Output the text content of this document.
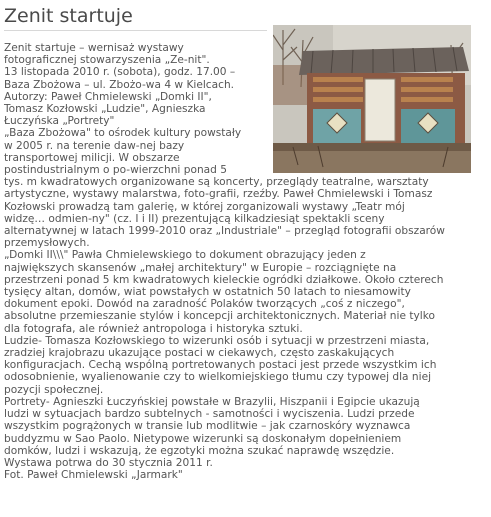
Zenit startuje
Zenit startuje – wernisaż wystawy
fotograficznej stowarzyszenia „Ze-nit".
13 listopada 2010 r. (sobota), godz. 17.00 –
Baza Zbożowa – ul. Zbożo-wa 4 w Kielcach.
Autorzy: Paweł Chmielewski „Domki II",
Tomasz Kozłowski „Ludzie", Agnieszka
Łuczyńska „Portrety"
„Baza Zbożowa" to ośrodek kultury powstały
w 2005 r. na terenie daw-nej bazy
transportowej milicji. W obszarze
postindustrialnym o po-wierzchni ponad 5
tys. m kwadratowych organizowane są koncerty, przeglądy teatralne, warsztaty
artystyczne, wystawy malarstwa, foto-grafii, rzeźby. Paweł Chmielewski i Tomasz
Kozłowski prowadzą tam galerię, w której zorganizowali wystawy „Teatr mój
widzę… odmien-ny" (cz. I i II) prezentującą kilkadziesiąt spektakli sceny
alternatywnej w latach 1999-2010 oraz „Industriale" – przegląd fotografii obszarów
przemysłowych.
„Domki II\\\" Pawła Chmielewskiego to dokument obrazujący jeden z
największych skansenów „małej architektury" w Europie – rozciągnięte na
przestrzeni ponad 5 km kwadratowych kieleckie ogródki działkowe. Około czterech
tysięcy altan, domów, wiat powstałych w ostatnich 50 latach to niesamowity
dokument epoki. Dowód na zaradność Polaków tworzących „coś z niczego",
absolutne przemieszanie stylów i koncepcji architektonicznych. Materiał nie tylko
dla fotografa, ale również antropologa i historyka sztuki.
Ludzie- Tomasza Kozłowskiego to wizerunki osób i sytuacji w przestrzeni miasta,
zradziej krajobrazu ukazujące postaci w ciekawych, często zaskakujących
konfiguracjach. Cechą wspólną portretowanych postaci jest przede wszystkim ich
odosobnienie, wyalienowanie czy to wielkomiejskiego tłumu czy typowej dla niej
pozycji społecznej.
Portrety- Agnieszki Łuczyńskiej powstałe w Brazylii, Hiszpanii i Egipcie ukazują
ludzi w sytuacjach bardzo subtelnych - samotności i wyciszenia. Ludzi przede
wszystkim pogrążonych w transie lub modlitwie – jak czarnoskóry wyznawca
buddyzmu w Sao Paolo. Nietypowe wizerunki są doskonałym dopełnieniem
domków, ludzi i wskazują, że egzotyki można szukać naprawdę wszędzie.
Wystawa potrwa do 30 stycznia 2011 r.
Fot. Paweł Chmielewski „Jarmark"
